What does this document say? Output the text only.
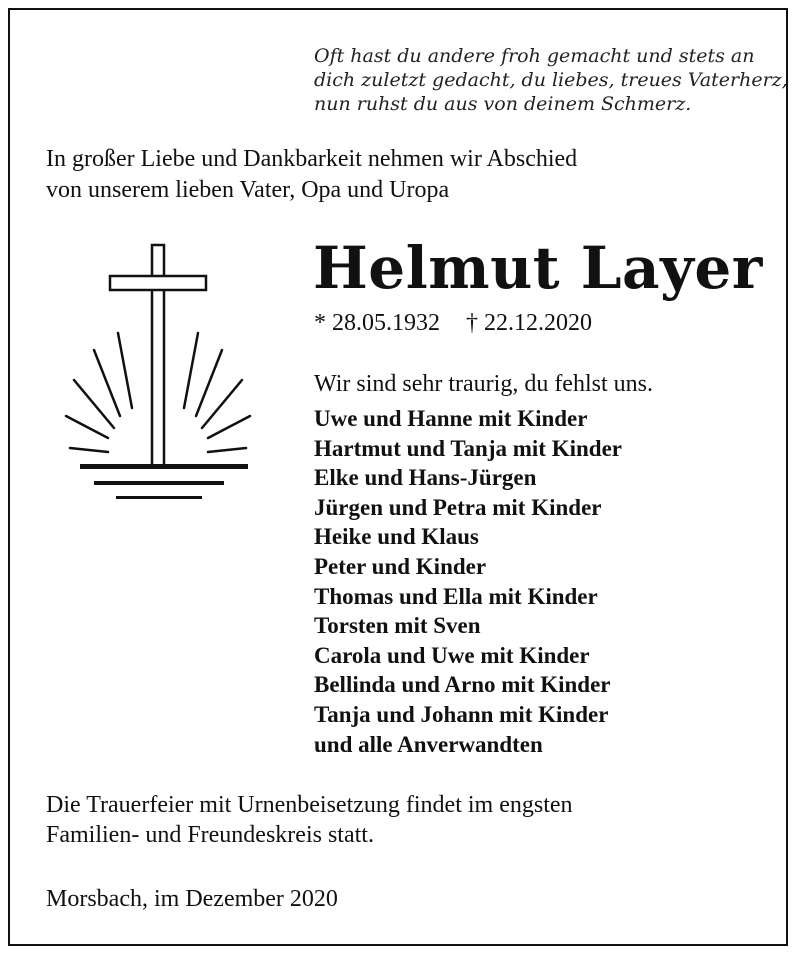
Oft hast du andere froh gemacht und stets an
dich zuletzt gedacht, du liebes, treues Vaterherz,
nun ruhst du aus von deinem Schmerz.
In großer Liebe und Dankbarkeit nehmen wir Abschied
von unserem lieben Vater, Opa und Uropa
Helmut Layer
* 28.05.1932 † 22.12.2020
Wir sind sehr traurig, du fehlst uns.
Uwe und Hanne mit Kinder
Hartmut und Tanja mit Kinder
Elke und Hans-Jürgen
Jürgen und Petra mit Kinder
Heike und Klaus
Peter und Kinder
Thomas und Ella mit Kinder
Torsten mit Sven
Carola und Uwe mit Kinder
Bellinda und Arno mit Kinder
Tanja und Johann mit Kinder
und alle Anverwandten
Die Trauerfeier mit Urnenbeisetzung findet im engsten
Familien- und Freundeskreis statt.
Morsbach, im Dezember 2020
